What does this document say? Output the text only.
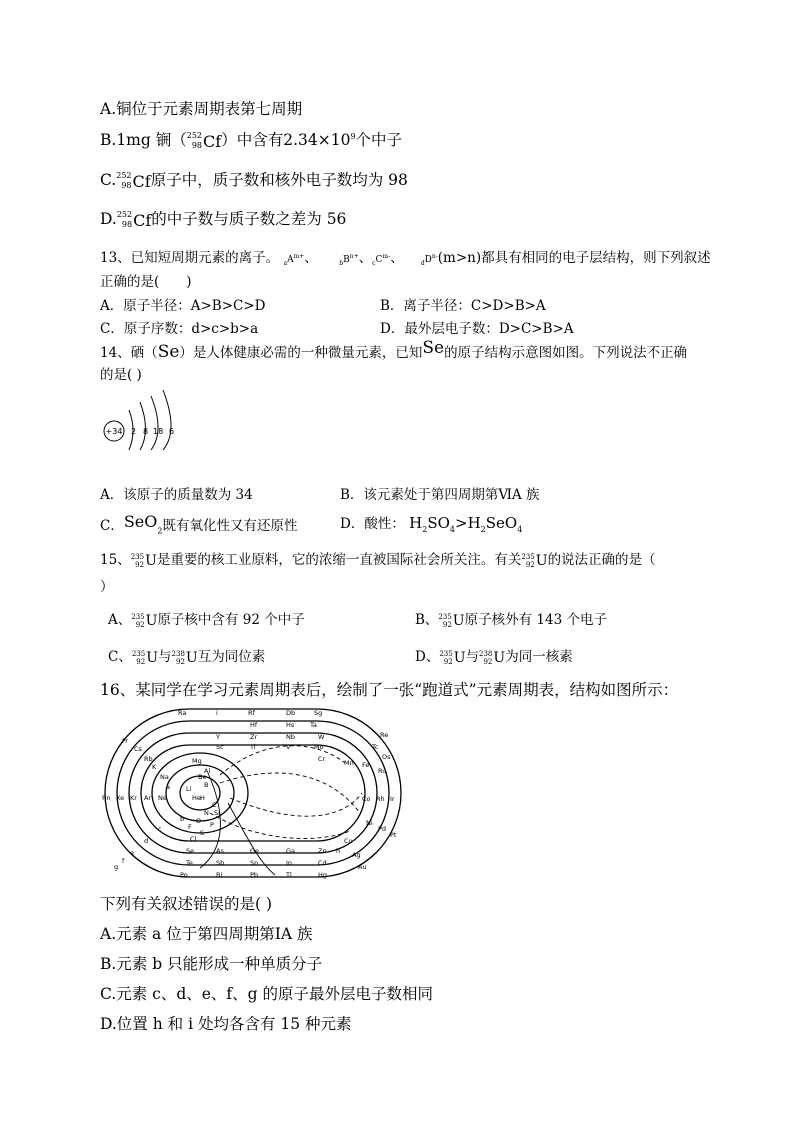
A.铜位于元素周期表第七周期
B.1mg 锎（ 252
98 Cf ）中含有$2.34\times 10^9$个中子
C. 252
98 Cf 原子中，质子数和核外电子数均为 98
D. 252
98 Cf 的中子数与质子数之差为 56
13、已知短周期元素的离子。 $_aA^{m+}$、     $_bB^{n+}$、$_cC^{m-}$、    $_dD^{n-}(m>n)$都具有相同的电子层结构，则下列叙述
正确的是(　　)
A．原子半径：A>B>C>D	B．离子半径：C>D>B>A
C．原子序数：d>c>b>a	D．最外层电子数：D>C>B>A
14、硒（Se）是人体健康必需的一种微量元素，已知Se的原子结构示意图如图。下列说法不正确
的是( )
+34 2 8 18 6
A．该原子的质量数为 34	B．该元素处于第四周期第ⅥA 族
C．SeO$_2$既有氧化性又有还原性	D．酸性： $H_2SO_4>H_2SeO_4$
15、 235
92 U 是重要的核工业原料，它的浓缩一直被国际社会所关注。有关 235
92 U 的说法正确的是（
）
A、 235
92 U 原子核中含有 92 个中子	B、 235
92 U 原子核外有 143 个电子
C、 235
92 U 与 238
92 U 互为同位素	D、 235
92 U 与 238
92 U 为同一核素
16、某同学在学习元素周期表后，绘制了一张“跑道式”元素周期表，结构如图所示：
Ra	i	Rf	Db	Sg
Hs Ta
W
Hf
Nb
Mo
Zr
Y
V
Ti
Sc
Cr
Fr
Cs
Rb
K
Na
Mg
Al
Be
B
Li
He H
Rn Xe Kr Ar Ne
Re
Tc
Mn Fe
Ru
Os
Co Rh Ir
Ni
Pd
Pt
Cu
Ag
Au
Po	Bi	Pb	Tl	Hg
Sb	Sn	In	Cd
Zn
Ga
Ge
As
Se
Te
a
b
c
d
e
f
g
h
C
Si
N
P
O
S
F
Cl
下列有关叙述错误的是( )
A.元素 a 位于第四周期第ⅠA 族
B.元素 b 只能形成一种单质分子
C.元素 c、d、e、f、g 的原子最外层电子数相同
D.位置 h 和 i 处均各含有 15 种元素
